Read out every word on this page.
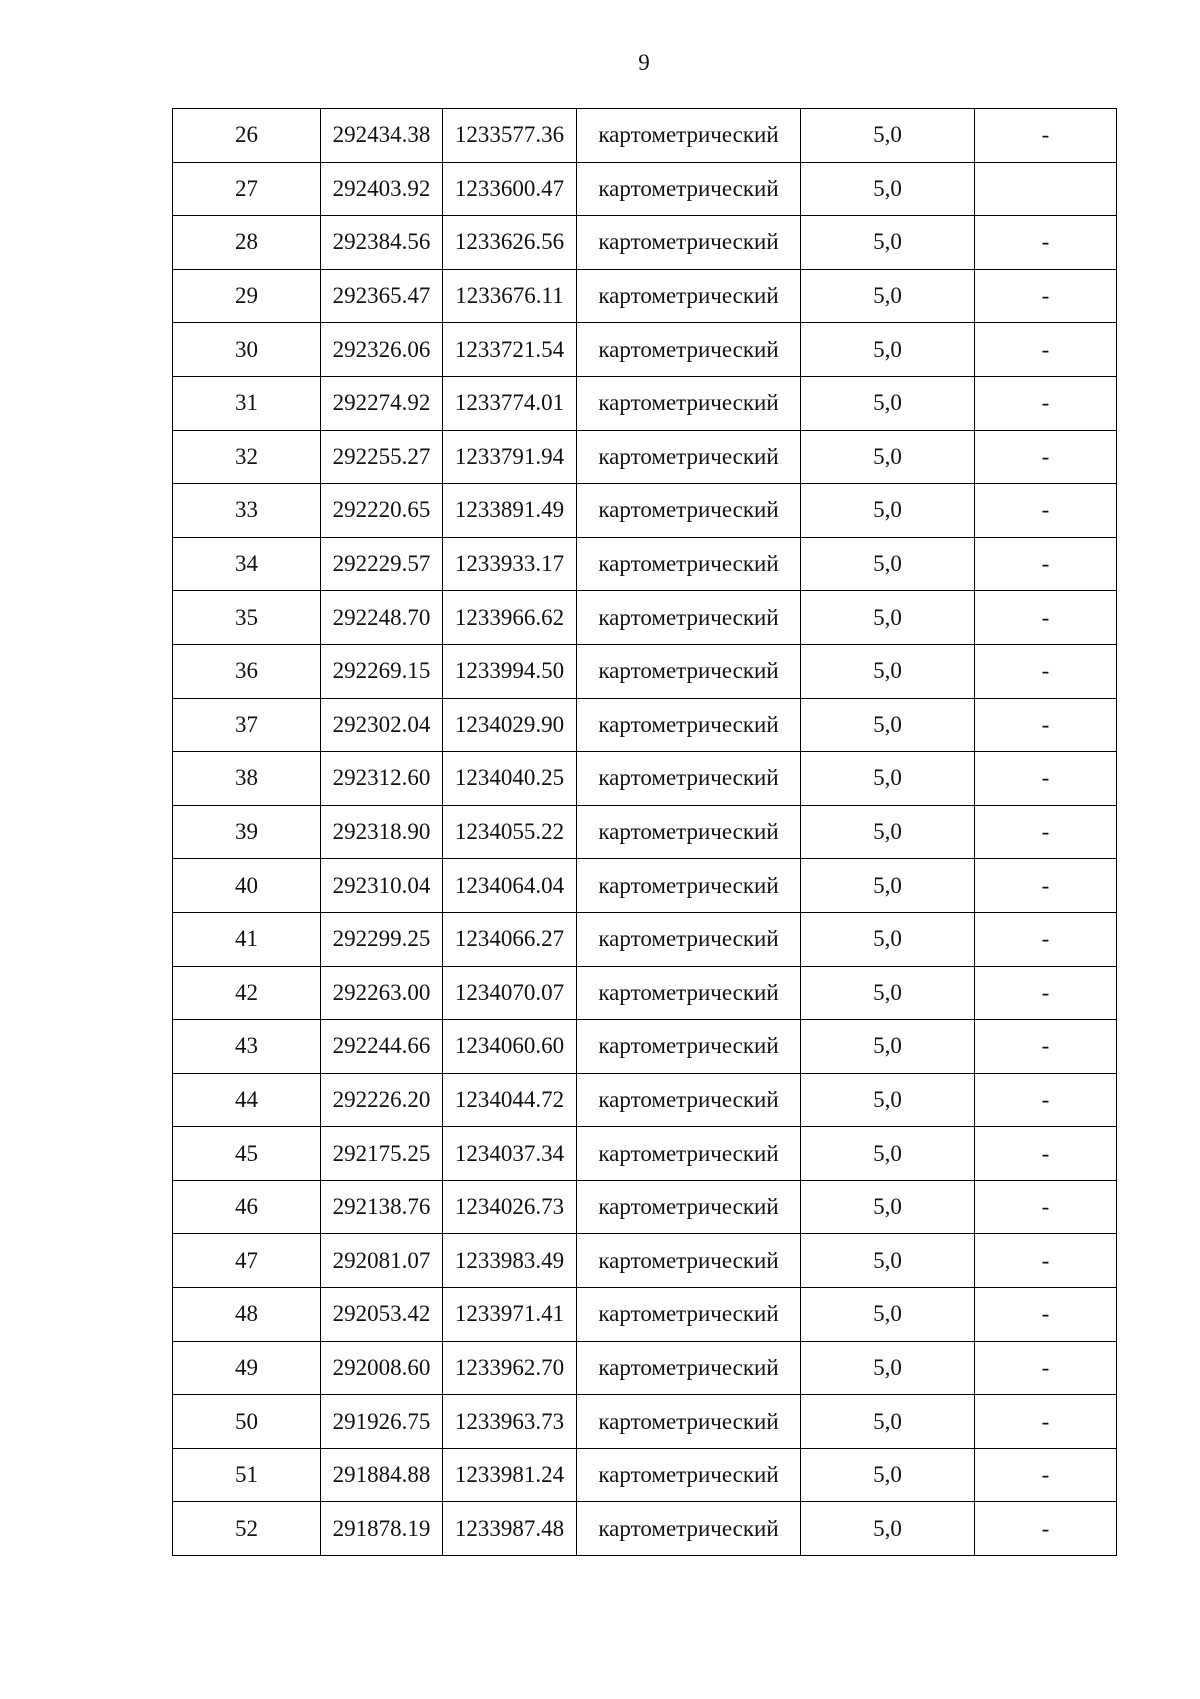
9
26	292434.38	1233577.36	картометрический	5,0	-
27	292403.92	1233600.47	картометрический	5,0	
28	292384.56	1233626.56	картометрический	5,0	-
29	292365.47	1233676.11	картометрический	5,0	-
30	292326.06	1233721.54	картометрический	5,0	-
31	292274.92	1233774.01	картометрический	5,0	-
32	292255.27	1233791.94	картометрический	5,0	-
33	292220.65	1233891.49	картометрический	5,0	-
34	292229.57	1233933.17	картометрический	5,0	-
35	292248.70	1233966.62	картометрический	5,0	-
36	292269.15	1233994.50	картометрический	5,0	-
37	292302.04	1234029.90	картометрический	5,0	-
38	292312.60	1234040.25	картометрический	5,0	-
39	292318.90	1234055.22	картометрический	5,0	-
40	292310.04	1234064.04	картометрический	5,0	-
41	292299.25	1234066.27	картометрический	5,0	-
42	292263.00	1234070.07	картометрический	5,0	-
43	292244.66	1234060.60	картометрический	5,0	-
44	292226.20	1234044.72	картометрический	5,0	-
45	292175.25	1234037.34	картометрический	5,0	-
46	292138.76	1234026.73	картометрический	5,0	-
47	292081.07	1233983.49	картометрический	5,0	-
48	292053.42	1233971.41	картометрический	5,0	-
49	292008.60	1233962.70	картометрический	5,0	-
50	291926.75	1233963.73	картометрический	5,0	-
51	291884.88	1233981.24	картометрический	5,0	-
52	291878.19	1233987.48	картометрический	5,0	-
